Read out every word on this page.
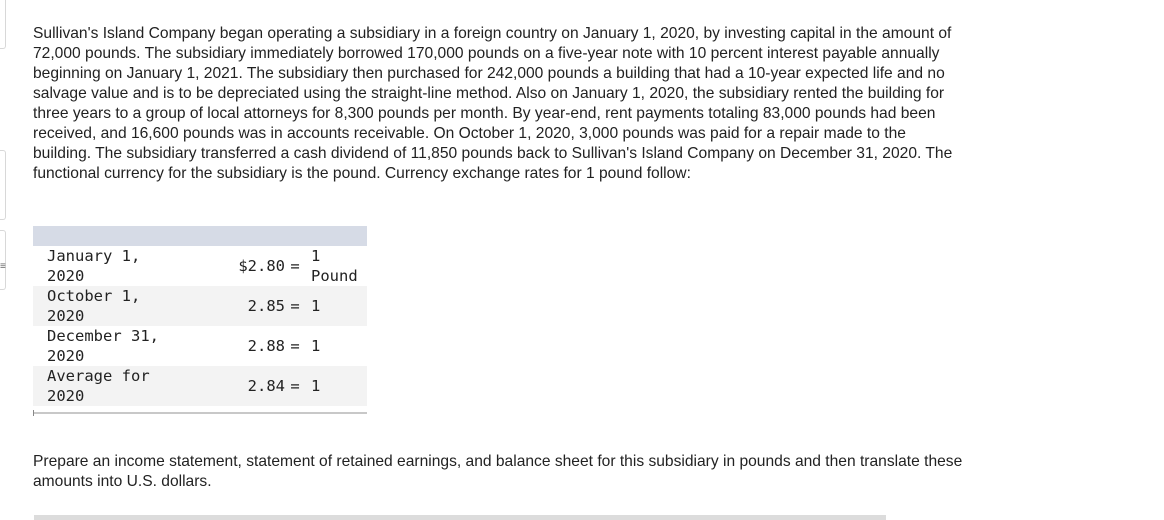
≡

Sullivan's Island Company began operating a subsidiary in a foreign country on January 1, 2020, by investing capital in the amount of 72,000 pounds. The subsidiary immediately borrowed 170,000 pounds on a five-year note with 10 percent interest payable annually beginning on January 1, 2021. The subsidiary then purchased for 242,000 pounds a building that had a 10-year expected life and no salvage value and is to be depreciated using the straight-line method. Also on January 1, 2020, the subsidiary rented the building for three years to a group of local attorneys for 8,300 pounds per month. By year-end, rent payments totaling 83,000 pounds had been received, and 16,600 pounds was in accounts receivable. On October 1, 2020, 3,000 pounds was paid for a repair made to the building. The subsidiary transferred a cash dividend of 11,850 pounds back to Sullivan's Island Company on December 31, 2020. The functional currency for the subsidiary is the pound. Currency exchange rates for 1 pound follow:

January 1, 2020
$2.80 =
1 Pound
October 1, 2020
2.85 = 1
December 31, 2020
2.88 = 1
Average for 2020
2.84 = 1

Prepare an income statement, statement of retained earnings, and balance sheet for this subsidiary in pounds and then translate these amounts into U.S. dollars.
